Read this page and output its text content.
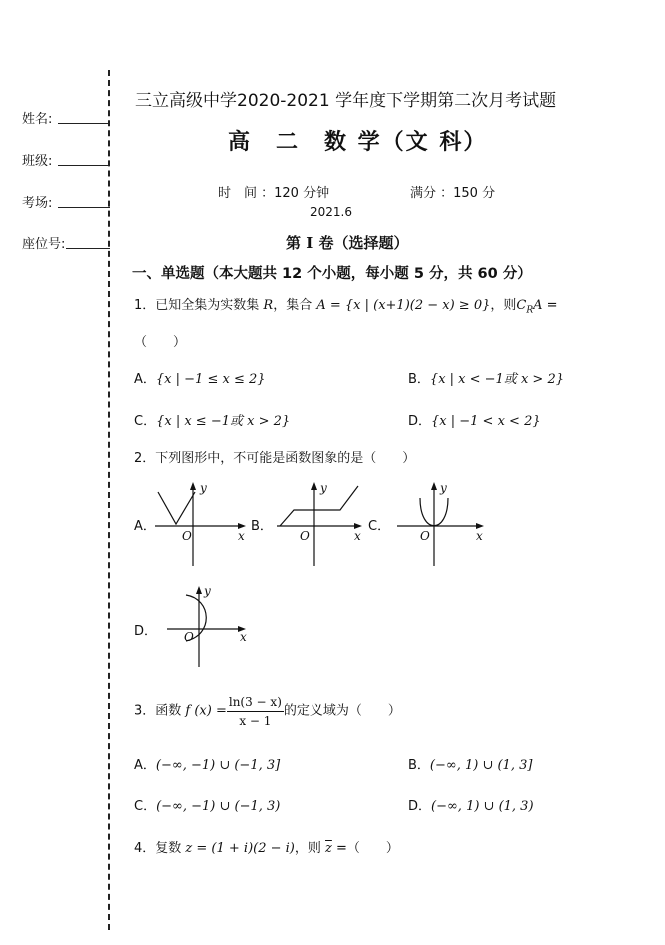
姓名:
班级:
考场:
座位号:
三立高级中学2020-2021 学年度下学期第二次月考试题
高　二　数 学（文 科）
时　间 ：120 分钟	满分 ：150 分
2021.6
第 I 卷（选择题）
一、单选题（本大题共 12 个小题，每小题 5 分，共 60 分）
1．已知全集为实数集 R，集合 A = {x | (x+1)(2 − x) ≥ 0}，则$C_RA$ =
（　　）
A．{x | −1 ≤ x ≤ 2}	B．{x | x < −1或 x > 2}
C．{x | x ≤ −1或 x > 2}	D．{x | −1 < x < 2}
2．下列图形中，不可能是函数图象的是（　　）
A．
y
x
O
B．
y
x
O
C．
y
x
O
D．
y
x
O
3．函数 f $(x) = \frac{\ln(3 - x)}{x - 1}$ 的定义域为（　　）
A．(−∞, −1) ∪ (−1, 3]	B．(−∞, 1) ∪ (1, 3]
C．(−∞, −1) ∪ (−1, 3)	D．(−∞, 1) ∪ (1, 3)
4．复数 z = (1 + i)(2 − i)，则 $\overline{z}$ =（　　）
